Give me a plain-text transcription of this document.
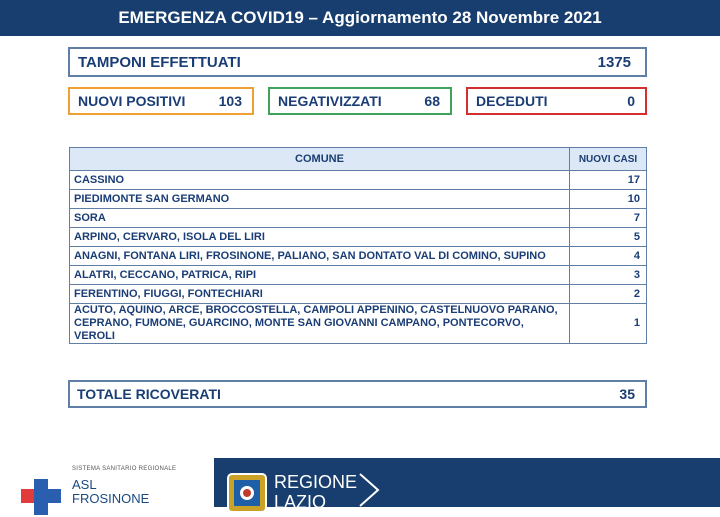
EMERGENZA COVID19 – Aggiornamento 28 Novembre 2021
TAMPONI EFFETTUATI	1375
NUOVI POSITIVI 103	NEGATIVIZZATI	68	DECEDUTI	0
COMUNE	NUOVI CASI
CASSINO	17
PIEDIMONTE SAN GERMANO	10
SORA	7
ARPINO, CERVARO, ISOLA DEL LIRI	5
ANAGNI, FONTANA LIRI, FROSINONE, PALIANO, SAN DONTATO VAL DI COMINO, SUPINO	4
ALATRI, CECCANO, PATRICA, RIPI	3
FERENTINO, FIUGGI, FONTECHIARI	2
ACUTO, AQUINO, ARCE, BROCCOSTELLA, CAMPOLI APPENINO, CASTELNUOVO PARANO, CEPRANO, FUMONE, GUARCINO, MONTE SAN GIOVANNI CAMPANO, PONTECORVO, VEROLI	1
TOTALE RICOVERATI	35
SISTEMA SANITARIO REGIONALE
ASL
FROSINONE
REGIONE
LAZIO
